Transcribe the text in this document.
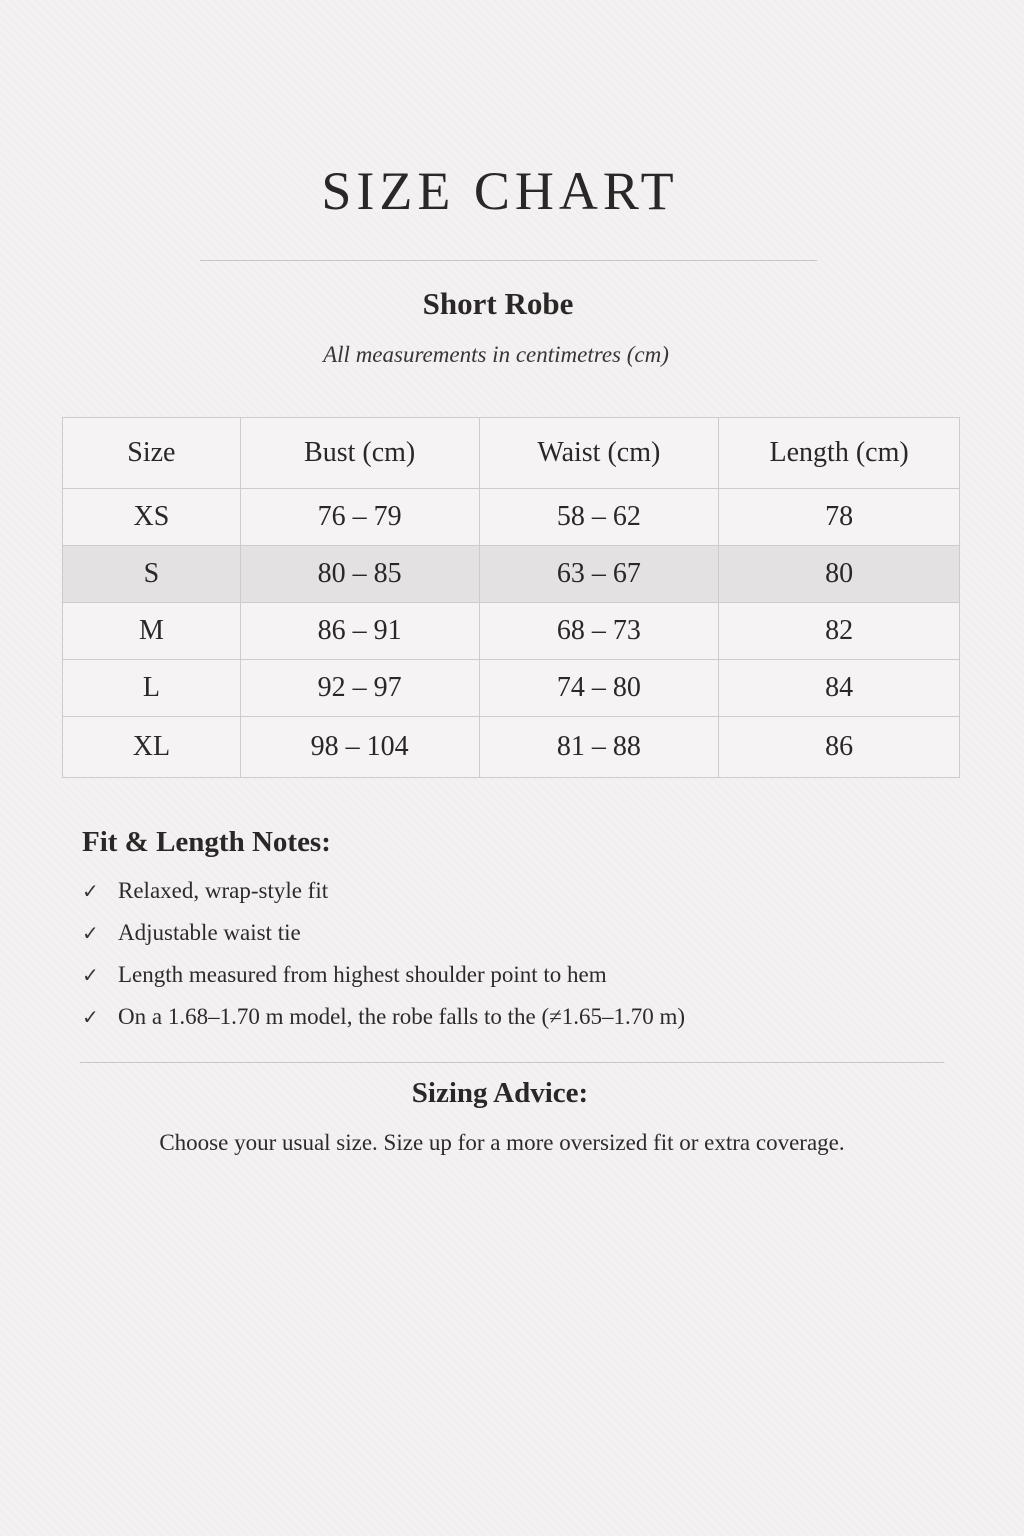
SIZE CHART
Short Robe
All measurements in centimetres (cm)
Size	Bust (cm)	Waist (cm)	Length (cm)
XS	76 – 79	58 – 62	78
S	80 – 85	63 – 67	80
M	86 – 91	68 – 73	82
L	92 – 97	74 – 80	84
XL	98 – 104	81 – 88	86
Fit & Length Notes:
✓ Relaxed, wrap-style fit
✓ Adjustable waist tie
✓ Length measured from highest shoulder point to hem
✓ On a 1.68–1.70 m model, the robe falls to the (≠1.65–1.70 m)
Sizing Advice:

Choose your usual size. Size up for a more oversized fit or extra coverage.
